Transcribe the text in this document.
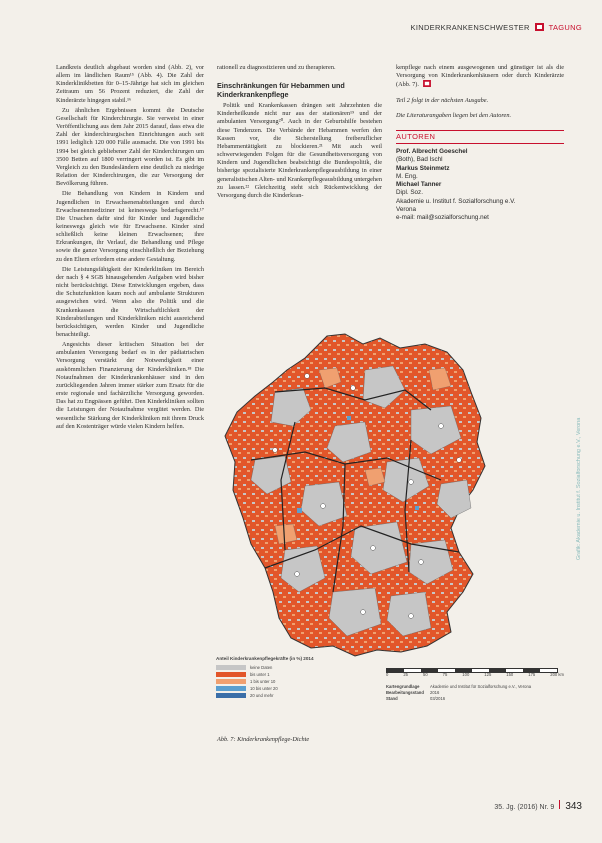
KINDERKRANKENSCHWESTER	TAGUNG

Landkreis deutlich abgebaut worden sind (Abb. 2), vor allem im ländlichen Raum¹⁵ (Abb. 4). Die Zahl der Kinderklinikbetten für 0–15-Jährige hat sich im gleichen Zeitraum um 56 Prozent reduziert, die Zahl der Kinderärzte hingegen stabil.¹⁶

Zu ähnlichen Ergebnissen kommt die Deutsche Gesellschaft für Kinderchirurgie. Sie verweist in einer Veröffentlichung aus dem Jahr 2015 darauf, dass etwa die Zahl der kinderchirurgischen Einrichtungen auch seit 1991 lediglich 120 000 Fälle ausmacht. Die von 1991 bis 1994 bei gleich gebliebener Zahl der Kinderchirurgen um 3500 Betten auf 1800 verringert worden ist. Es gibt im Vergleich zu den Bundesländern eine deutlich zu niedrige Relation der Kinderchirurgen, die zur Versorgung der Bevölkerung führen.

Die Behandlung von Kindern in Kindern und Jugendlichen in Erwachsenenabteilungen und durch Erwachsenenmediziner ist keineswegs bedarfsgerecht.¹⁷ Die Ursachen dafür sind für Kinder und Jugendliche keineswegs gleich wie für Erwachsene. Kinder sind schließlich keine kleinen Erwachsenen; ihre Erkrankungen, ihr Verlauf, die Behandlung und Pflege sowie die ganze Versorgung einschließlich der Beziehung zu den Eltern erfordern eine andere Gestaltung.

Die Leistungsfähigkeit der Kinderkliniken im Bereich der nach § 4 SGB hinausgehenden Aufgaben wird bisher nicht berücksichtigt. Diese Entwicklungen ergeben, dass die Schutzfunktion kaum noch auf ambulante Strukturen ausgewichen wird. Wenn also die Politik und die Krankenkassen die Wirtschaftlichkeit der Kinderabteilungen und Kinderkliniken nicht ausreichend berücksichtigen, werden Kinder und Jugendliche benachteiligt.

Angesichts dieser kritischen Situation bei der ambulanten Versorgung bedarf es in der pädiatrischen Versorgung verstärkt der Notwendigkeit einer auskömmlichen Finanzierung der Kinderkliniken.¹⁸ Die Notaufnahmen der Kinderkrankenhäuser sind in den zurückliegenden Jahren immer stärker zum Ersatz für die erste regionale und fachärztliche Versorgung geworden. Das hat zu Engpässen geführt. Den Kinderkliniken sollten die Leistungen der Notaufnahme vergütet werden. Die wesentliche Stärkung der Kinderkliniken mit ihrem Druck auf den Kostenträger würde vielen Kindern helfen.

rationell zu diagnostizieren und zu therapieren.

Einschränkungen für Hebammen und Kinderkrankenpflege

Politik und Krankenkassen drängen seit Jahrzehnten die Kinderheilkunde nicht nur aus der stationären¹⁹ und der ambulanten Versorgung²⁰. Auch in der Geburtshilfe bestehen diese Tendenzen. Die Verbände der Hebammen werfen den Kassen vor, die Sicherstellung freiberuflicher Hebammentätigkeit zu blockieren.²¹ Mit auch weil schwerwiegenden Folgen für die Gesundheitsversorgung von Kindern und Jugendlichen beabsichtigt die Bundespolitik, die bisherige spezialisierte Kinderkrankenpflegeausbildung in einer generalistischen Alten- und Krankenpflegeausbildung untergehen zu lassen.²² Gleichzeitig steht sich Rückentwicklung der Versorgung durch die Kinderkran-

kenpflege nach einem ausgewogenen und günstiger ist als die Versorgung von Kinderkrankenhäusern oder durch Kinderärzte (Abb. 7).

Teil 2 folgt in der nächsten Ausgabe.

Die Literaturangaben liegen bei den Autoren.

AUTOREN
Prof. Albrecht Goeschel
(Both), Bad Ischl
Markus Steinmetz
M. Eng.
Michael Tanner
Dipl. Soz.
Akademie u. Institut f. Sozialforschung e.V.
Verona
e-mail: mail@sozialforschung.net
Anteil Kinderkrankenpflegekräfte (in %) 2014
keine Daten
bis unter 1
1 bis unter 10
10 bis unter 20
20 und mehr
0	25	50	75	100	125	150	175	200 km
Kartengrundlage	Akademie und Institut für Sozialforschung e.V., Verona
Bearbeitungsstand 2016
Stand	03/2016
Abb. 7: Kinderkrankenpflege-Dichte
Grafik: Akademie u. Institut f. Sozialforschung e.V., Verona
35. Jg. (2016) Nr. 9 343
